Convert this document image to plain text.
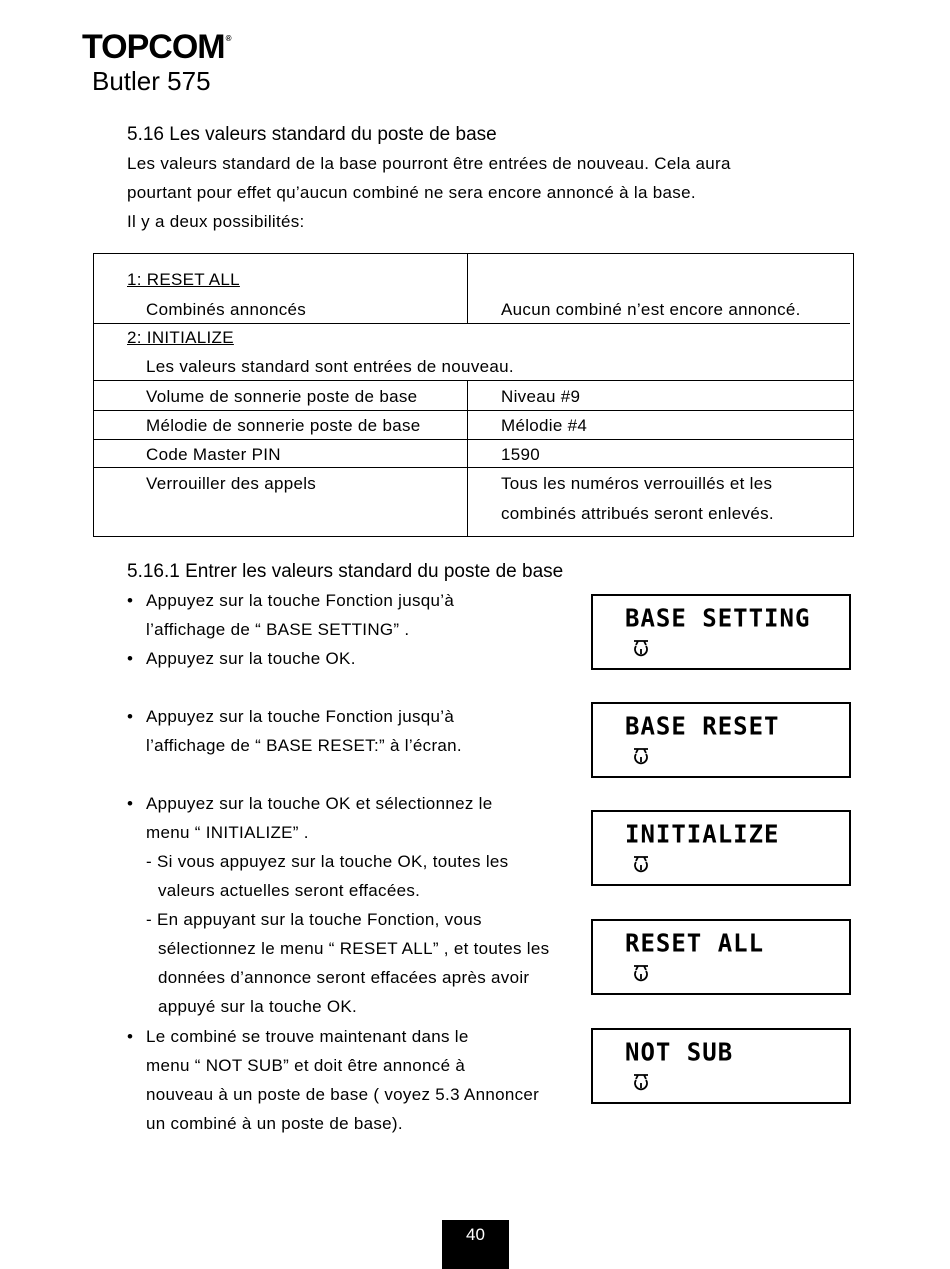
TOPCOM®
Butler 575
5.16 Les valeurs standard du poste de base
Les valeurs standard de la base pourront être entrées de nouveau. Cela aura
pourtant pour effet qu’aucun combiné ne sera encore annoncé à la base.
Il y a deux possibilités:
1: RESET ALL
Combinés annoncés	Aucun combiné n’est encore annoncé.
2: INITIALIZE
Les valeurs standard sont entrées de nouveau.
Volume de sonnerie poste de base	Niveau #9
Mélodie de sonnerie poste de base	Mélodie #4
Code Master PIN	1590
Verrouiller des appels	Tous les numéros verrouillés et les
combinés attribués seront enlevés.
5.16.1 Entrer les valeurs standard du poste de base
• Appuyez sur la touche Fonction jusqu’à
l’affichage de “ BASE SETTING” .
• Appuyez sur la touche OK.
• Appuyez sur la touche Fonction jusqu’à
l’affichage de “ BASE RESET:” à l’écran.
• Appuyez sur la touche OK et sélectionnez le
menu “ INITIALIZE” .
- Si vous appuyez sur la touche OK, toutes les
valeurs actuelles seront effacées.
- En appuyant sur la touche Fonction, vous
sélectionnez le menu “ RESET ALL” , et toutes les
données d’annonce seront effacées après avoir
appuyé sur la touche OK.
• Le combiné se trouve maintenant dans le
menu “ NOT SUB” et doit être annoncé à
nouveau à un poste de base ( voyez 5.3 Annoncer
un combiné à un poste de base).
BASE SETTING
BASE RESET
INITIALIZE
RESET ALL
NOT SUB
40
